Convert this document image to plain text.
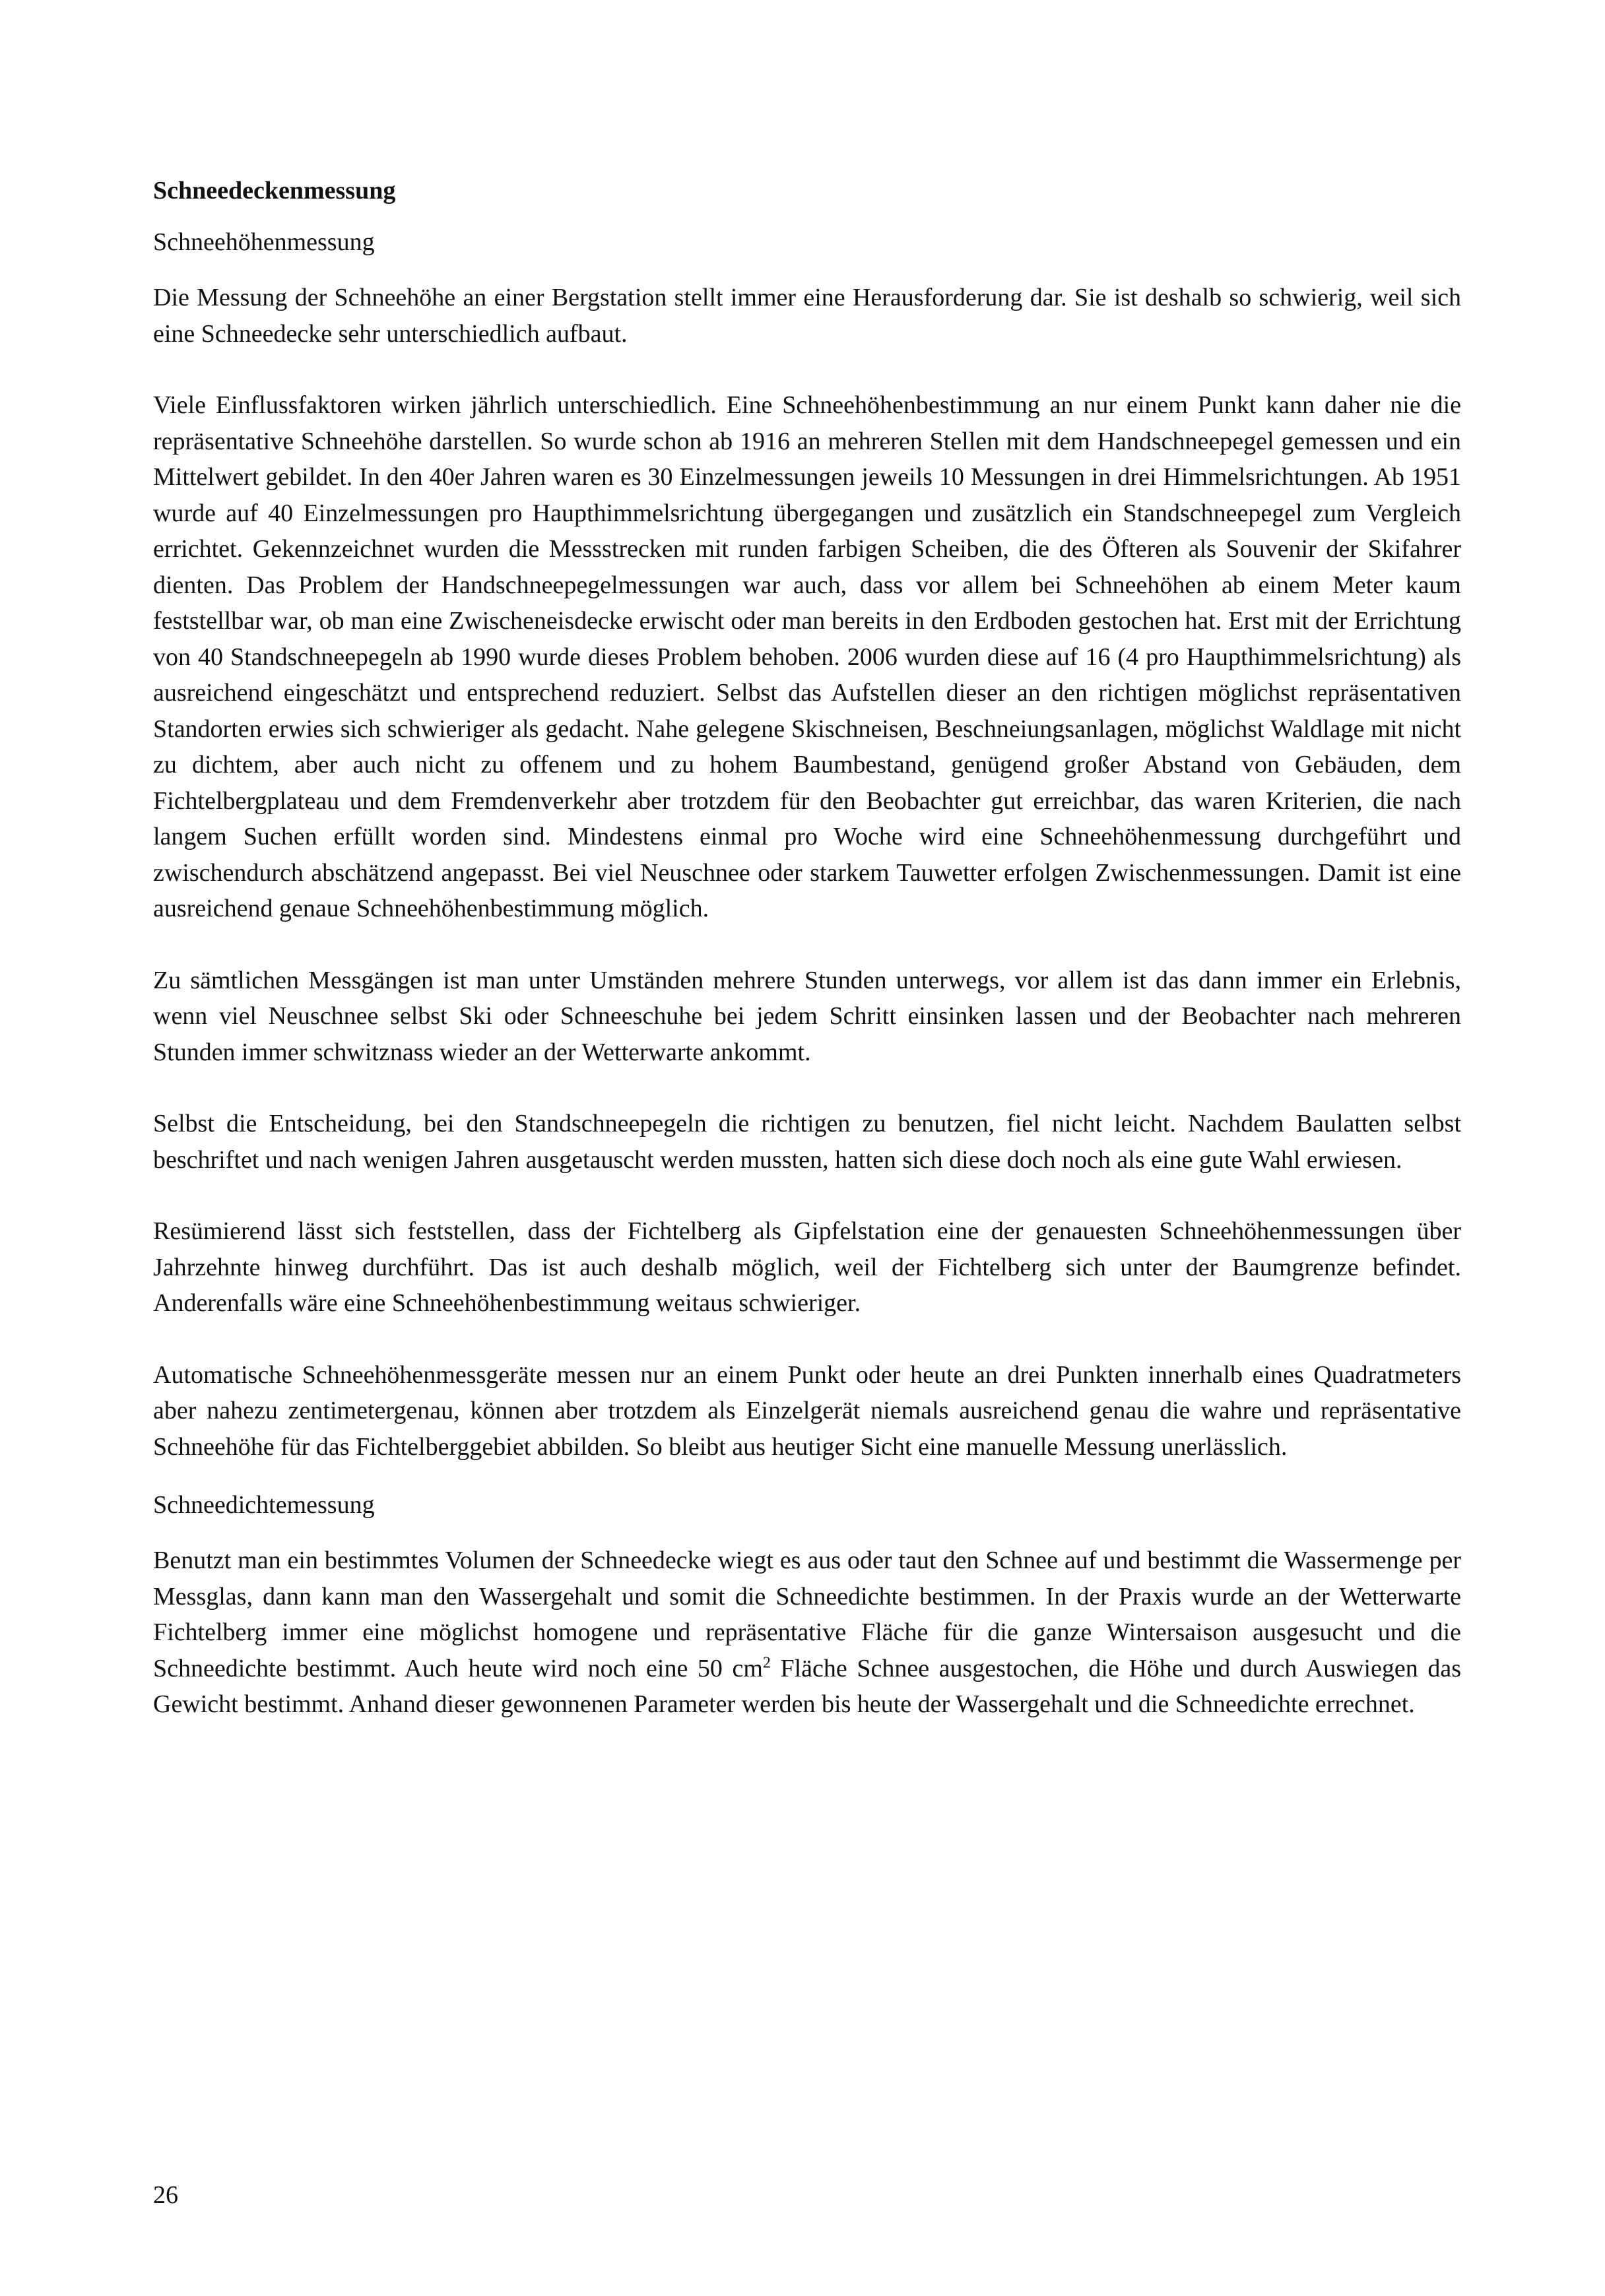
Schneedeckenmessung
Schneehöhenmessung

Die Messung der Schneehöhe an einer Bergstation stellt immer eine Herausforderung dar. Sie ist deshalb so schwierig, weil sich eine Schneedecke sehr unterschiedlich aufbaut.

Viele Einflussfaktoren wirken jährlich unterschiedlich. Eine Schneehöhenbestimmung an nur einem Punkt kann daher nie die repräsentative Schneehöhe darstellen. So wurde schon ab 1916 an mehreren Stellen mit dem Handschneepegel gemessen und ein Mittelwert gebildet. In den 40er Jahren waren es 30 Einzelmessungen jeweils 10 Messungen in drei Himmelsrichtungen. Ab 1951 wurde auf 40 Einzelmessungen pro Haupthimmelsrichtung übergegangen und zusätzlich ein Standschneepegel zum Vergleich errichtet. Gekennzeichnet wurden die Messstrecken mit runden farbigen Scheiben, die des Öfteren als Souvenir der Skifahrer dienten. Das Problem der Handschneepegelmessungen war auch, dass vor allem bei Schneehöhen ab einem Meter kaum feststellbar war, ob man eine Zwischeneisdecke erwischt oder man bereits in den Erdboden gestochen hat. Erst mit der Errichtung von 40 Standschneepegeln ab 1990 wurde dieses Problem behoben. 2006 wurden diese auf 16 (4 pro Haupthimmelsrichtung) als ausreichend eingeschätzt und entsprechend reduziert. Selbst das Aufstellen dieser an den richtigen möglichst repräsentativen Standorten erwies sich schwieriger als gedacht. Nahe gelegene Skischneisen, Beschneiungsanlagen, möglichst Waldlage mit nicht zu dichtem, aber auch nicht zu offenem und zu hohem Baumbestand, genügend großer Abstand von Gebäuden, dem Fichtelbergplateau und dem Fremdenverkehr aber trotzdem für den Beobachter gut erreichbar, das waren Kriterien, die nach langem Suchen erfüllt worden sind. Mindestens einmal pro Woche wird eine Schneehöhenmessung durchgeführt und zwischendurch abschätzend angepasst. Bei viel Neuschnee oder starkem Tauwetter erfolgen Zwischenmessungen. Damit ist eine ausreichend genaue Schneehöhenbestimmung möglich.

Zu sämtlichen Messgängen ist man unter Umständen mehrere Stunden unterwegs, vor allem ist das dann immer ein Erlebnis, wenn viel Neuschnee selbst Ski oder Schneeschuhe bei jedem Schritt einsinken lassen und der Beobachter nach mehreren Stunden immer schwitznass wieder an der Wetterwarte ankommt.

Selbst die Entscheidung, bei den Standschneepegeln die richtigen zu benutzen, fiel nicht leicht. Nachdem Baulatten selbst beschriftet und nach wenigen Jahren ausgetauscht werden mussten, hatten sich diese doch noch als eine gute Wahl erwiesen.

Resümierend lässt sich feststellen, dass der Fichtelberg als Gipfelstation eine der genauesten Schneehöhenmessungen über Jahrzehnte hinweg durchführt. Das ist auch deshalb möglich, weil der Fichtelberg sich unter der Baumgrenze befindet. Anderenfalls wäre eine Schneehöhenbestimmung weitaus schwieriger.

Automatische Schneehöhenmessgeräte messen nur an einem Punkt oder heute an drei Punkten innerhalb eines Quadratmeters aber nahezu zentimetergenau, können aber trotzdem als Einzelgerät niemals ausreichend genau die wahre und repräsentative Schneehöhe für das Fichtelberggebiet abbilden. So bleibt aus heutiger Sicht eine manuelle Messung unerlässlich.

Schneedichtemessung

Benutzt man ein bestimmtes Volumen der Schneedecke wiegt es aus oder taut den Schnee auf und bestimmt die Wassermenge per Messglas, dann kann man den Wassergehalt und somit die Schneedichte bestimmen. In der Praxis wurde an der Wetterwarte Fichtelberg immer eine möglichst homogene und repräsentative Fläche für die ganze Wintersaison ausgesucht und die Schneedichte bestimmt. Auch heute wird noch eine 50 $cm^2$ Fläche Schnee ausgestochen, die Höhe und durch Auswiegen das Gewicht bestimmt. Anhand dieser gewonnenen Parameter werden bis heute der Wassergehalt und die Schneedichte errechnet.

26
